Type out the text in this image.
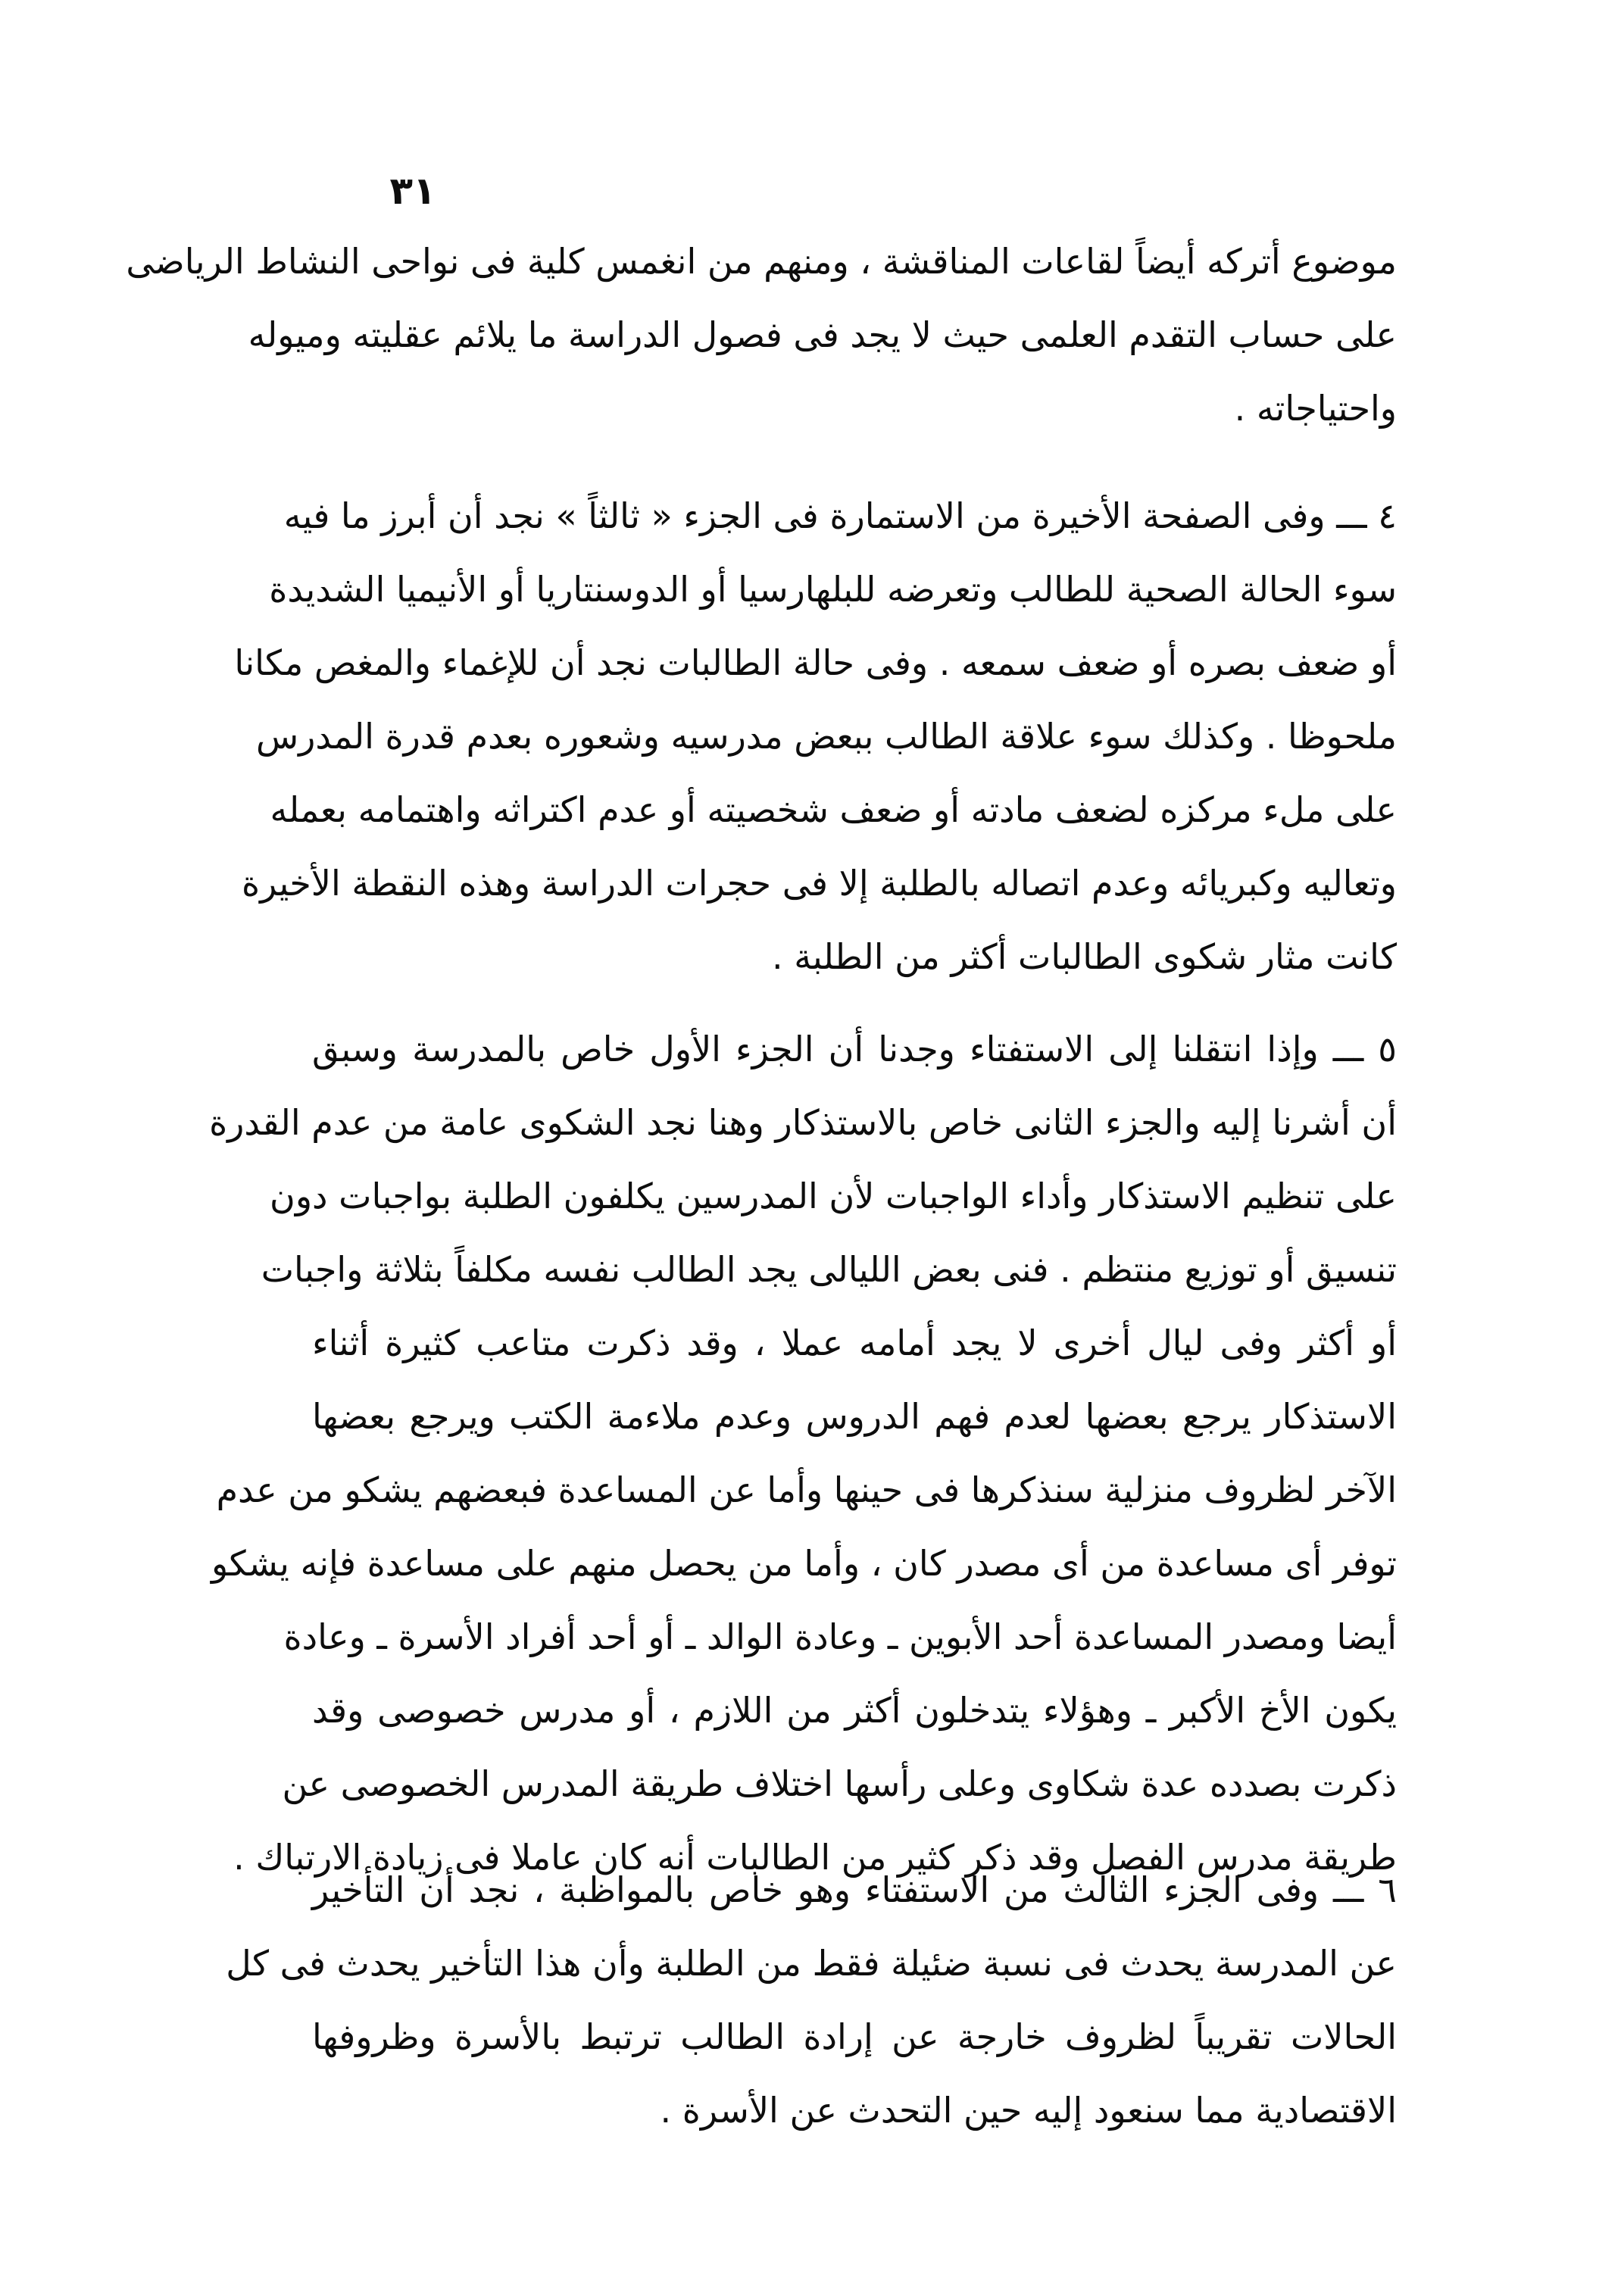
٣١
موضوع أتركه أيضاً لقاعات المناقشة ، ومنهم من انغمس كلية فى نواحى النشاط الرياضى
على حساب التقدم العلمى حيث لا يجد فى فصول الدراسة ما يلائم عقليته وميوله
واحتياجاته .
٤ ـــ وفى الصفحة الأخيرة من الاستمارة فى الجزء « ثالثاً » نجد أن أبرز ما فيه
سوء الحالة الصحية للطالب وتعرضه للبلهارسيا أو الدوسنتاريا أو الأنيميا الشديدة
أو ضعف بصره أو ضعف سمعه . وفى حالة الطالبات نجد أن للإغماء والمغص مكانا
ملحوظا . وكذلك سوء علاقة الطالب ببعض مدرسيه وشعوره بعدم قدرة المدرس
على ملء مركزه لضعف مادته أو ضعف شخصيته أو عدم اكتراثه واهتمامه بعمله
وتعاليه وكبريائه وعدم اتصاله بالطلبة إلا فى حجرات الدراسة وهذه النقطة الأخيرة
كانت مثار شكوى الطالبات أكثر من الطلبة .
٥ ـــ وإذا انتقلنا إلى الاستفتاء وجدنا أن الجزء الأول خاص بالمدرسة وسبق
أن أشرنا إليه والجزء الثانى خاص بالاستذكار وهنا نجد الشكوى عامة من عدم القدرة
على تنظيم الاستذكار وأداء الواجبات لأن المدرسين يكلفون الطلبة بواجبات دون
تنسيق أو توزيع منتظم . فنى بعض الليالى يجد الطالب نفسه مكلفاً بثلاثة واجبات
أو أكثر وفى ليال أخرى لا يجد أمامه عملا ، وقد ذكرت متاعب كثيرة أثناء
الاستذكار يرجع بعضها لعدم فهم الدروس وعدم ملاءمة الكتب ويرجع بعضها
الآخر لظروف منزلية سنذكرها فى حينها وأما عن المساعدة فبعضهم يشكو من عدم
توفر أى مساعدة من أى مصدر كان ، وأما من يحصل منهم على مساعدة فإنه يشكو
أيضا ومصدر المساعدة أحد الأبوين ـ وعادة الوالد ـ أو أحد أفراد الأسرة ـ وعادة
يكون الأخ الأكبر ـ وهؤلاء يتدخلون أكثر من اللازم ، أو مدرس خصوصى وقد
ذكرت بصدده عدة شكاوى وعلى رأسها اختلاف طريقة المدرس الخصوصى عن
طريقة مدرس الفصل وقد ذكر كثير من الطالبات أنه كان عاملا فى زيادة الارتباك .
٦ ـــ وفى الجزء الثالث من الاستفتاء وهو خاص بالمواظبة ، نجد أن التأخير
عن المدرسة يحدث فى نسبة ضئيلة فقط من الطلبة وأن هذا التأخير يحدث فى كل
الحالات تقريباً لظروف خارجة عن إرادة الطالب ترتبط بالأسرة وظروفها
الاقتصادية مما سنعود إليه حين التحدث عن الأسرة .
